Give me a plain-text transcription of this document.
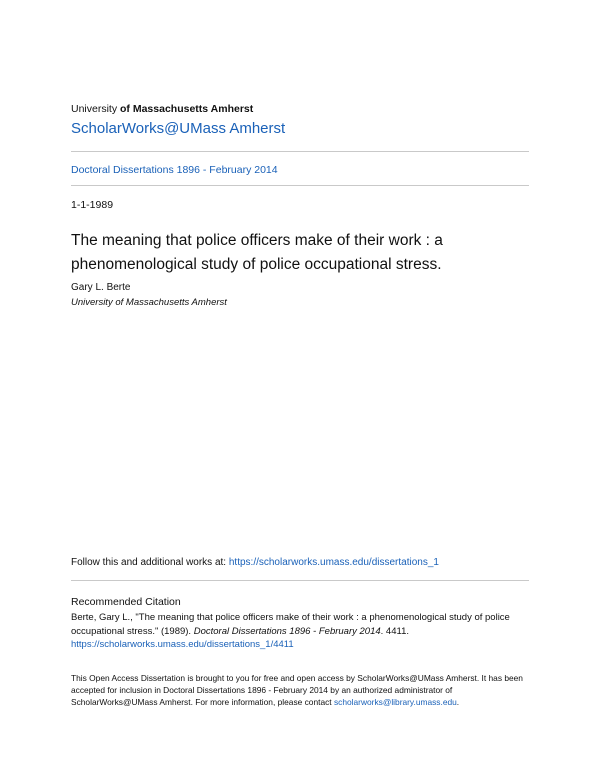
University of Massachusetts Amherst
ScholarWorks@UMass Amherst
Doctoral Dissertations 1896 - February 2014
1-1-1989
The meaning that police officers make of their work : a phenomenological study of police occupational stress.
Gary L. Berte
University of Massachusetts Amherst
Follow this and additional works at: https://scholarworks.umass.edu/dissertations_1
Recommended Citation
Berte, Gary L., "The meaning that police officers make of their work : a phenomenological study of police occupational stress." (1989). Doctoral Dissertations 1896 - February 2014. 4411.
https://scholarworks.umass.edu/dissertations_1/4411
This Open Access Dissertation is brought to you for free and open access by ScholarWorks@UMass Amherst. It has been accepted for inclusion in Doctoral Dissertations 1896 - February 2014 by an authorized administrator of ScholarWorks@UMass Amherst. For more information, please contact scholarworks@library.umass.edu.
